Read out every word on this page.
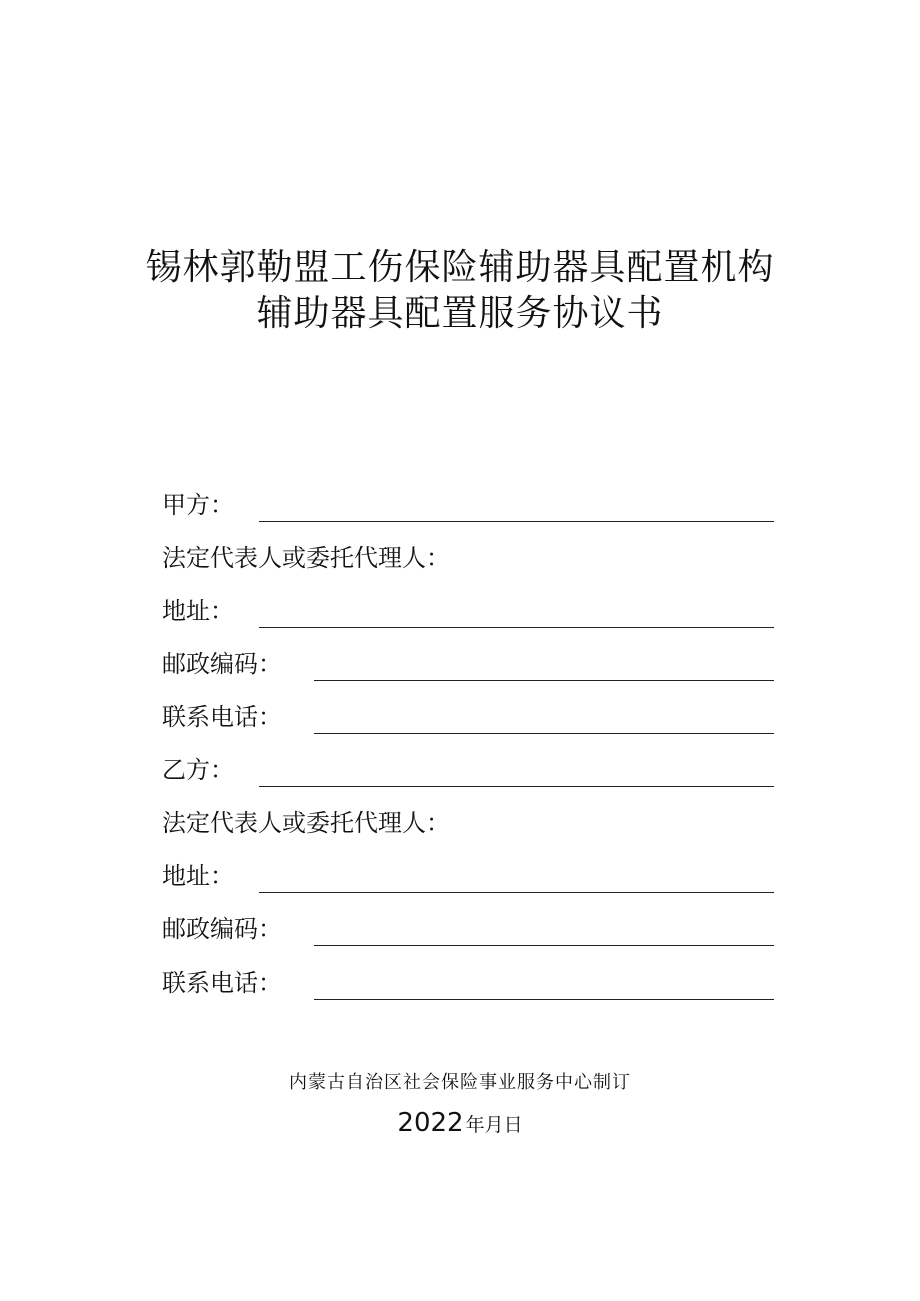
锡林郭勒盟工伤保险辅助器具配置机构
辅助器具配置服务协议书
甲方：
法定代表人或委托代理人：
地址：
邮政编码：
联系电话：
乙方：
法定代表人或委托代理人：
地址：
邮政编码：
联系电话：
内蒙古自治区社会保险事业服务中心制订
2022 年月日
